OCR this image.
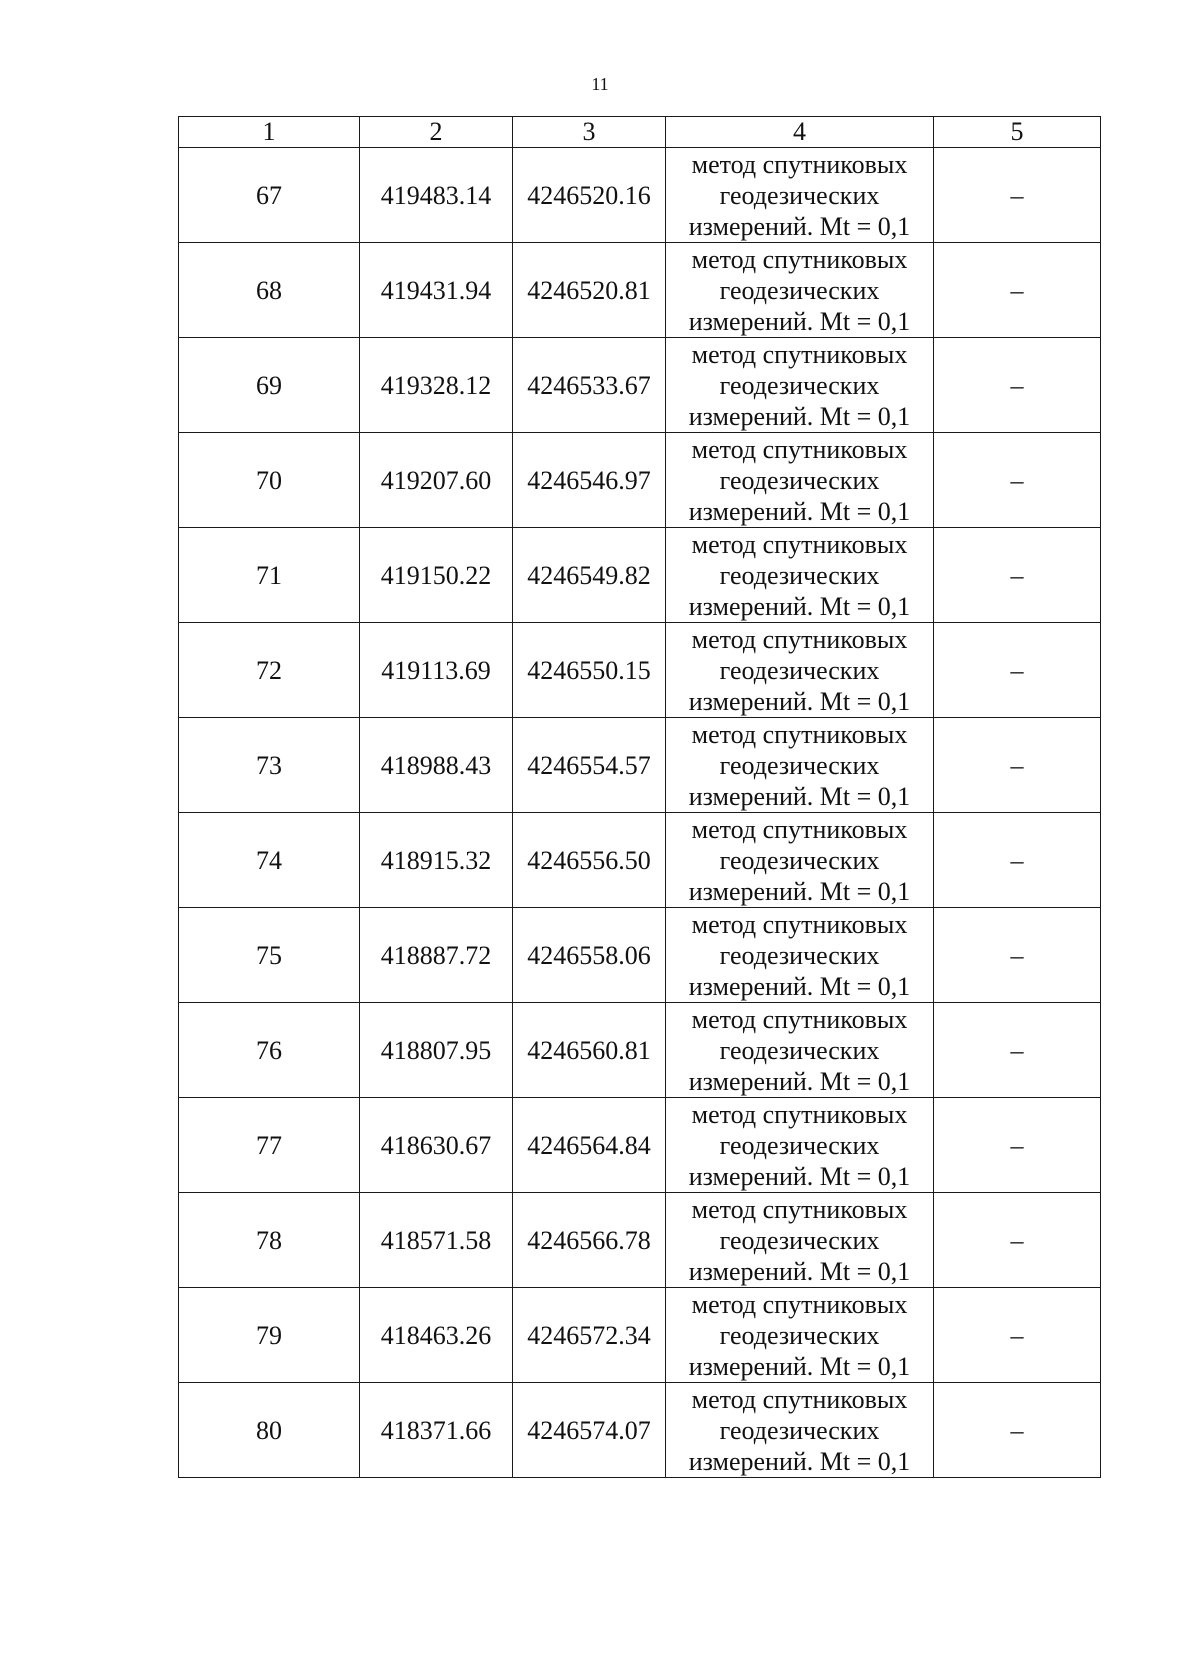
11
1	2	3	4	5
67	419483.14	4246520.16	метод спутниковых
геодезических
измерений. Mt = 0,1	–
68	419431.94	4246520.81	метод спутниковых
геодезических
измерений. Mt = 0,1	–
69	419328.12	4246533.67	метод спутниковых
геодезических
измерений. Mt = 0,1	–
70	419207.60	4246546.97	метод спутниковых
геодезических
измерений. Mt = 0,1	–
71	419150.22	4246549.82	метод спутниковых
геодезических
измерений. Mt = 0,1	–
72	419113.69	4246550.15	метод спутниковых
геодезических
измерений. Mt = 0,1	–
73	418988.43	4246554.57	метод спутниковых
геодезических
измерений. Mt = 0,1	–
74	418915.32	4246556.50	метод спутниковых
геодезических
измерений. Mt = 0,1	–
75	418887.72	4246558.06	метод спутниковых
геодезических
измерений. Mt = 0,1	–
76	418807.95	4246560.81	метод спутниковых
геодезических
измерений. Mt = 0,1	–
77	418630.67	4246564.84	метод спутниковых
геодезических
измерений. Mt = 0,1	–
78	418571.58	4246566.78	метод спутниковых
геодезических
измерений. Mt = 0,1	–
79	418463.26	4246572.34	метод спутниковых
геодезических
измерений. Mt = 0,1	–
80	418371.66	4246574.07	метод спутниковых
геодезических
измерений. Mt = 0,1	–
